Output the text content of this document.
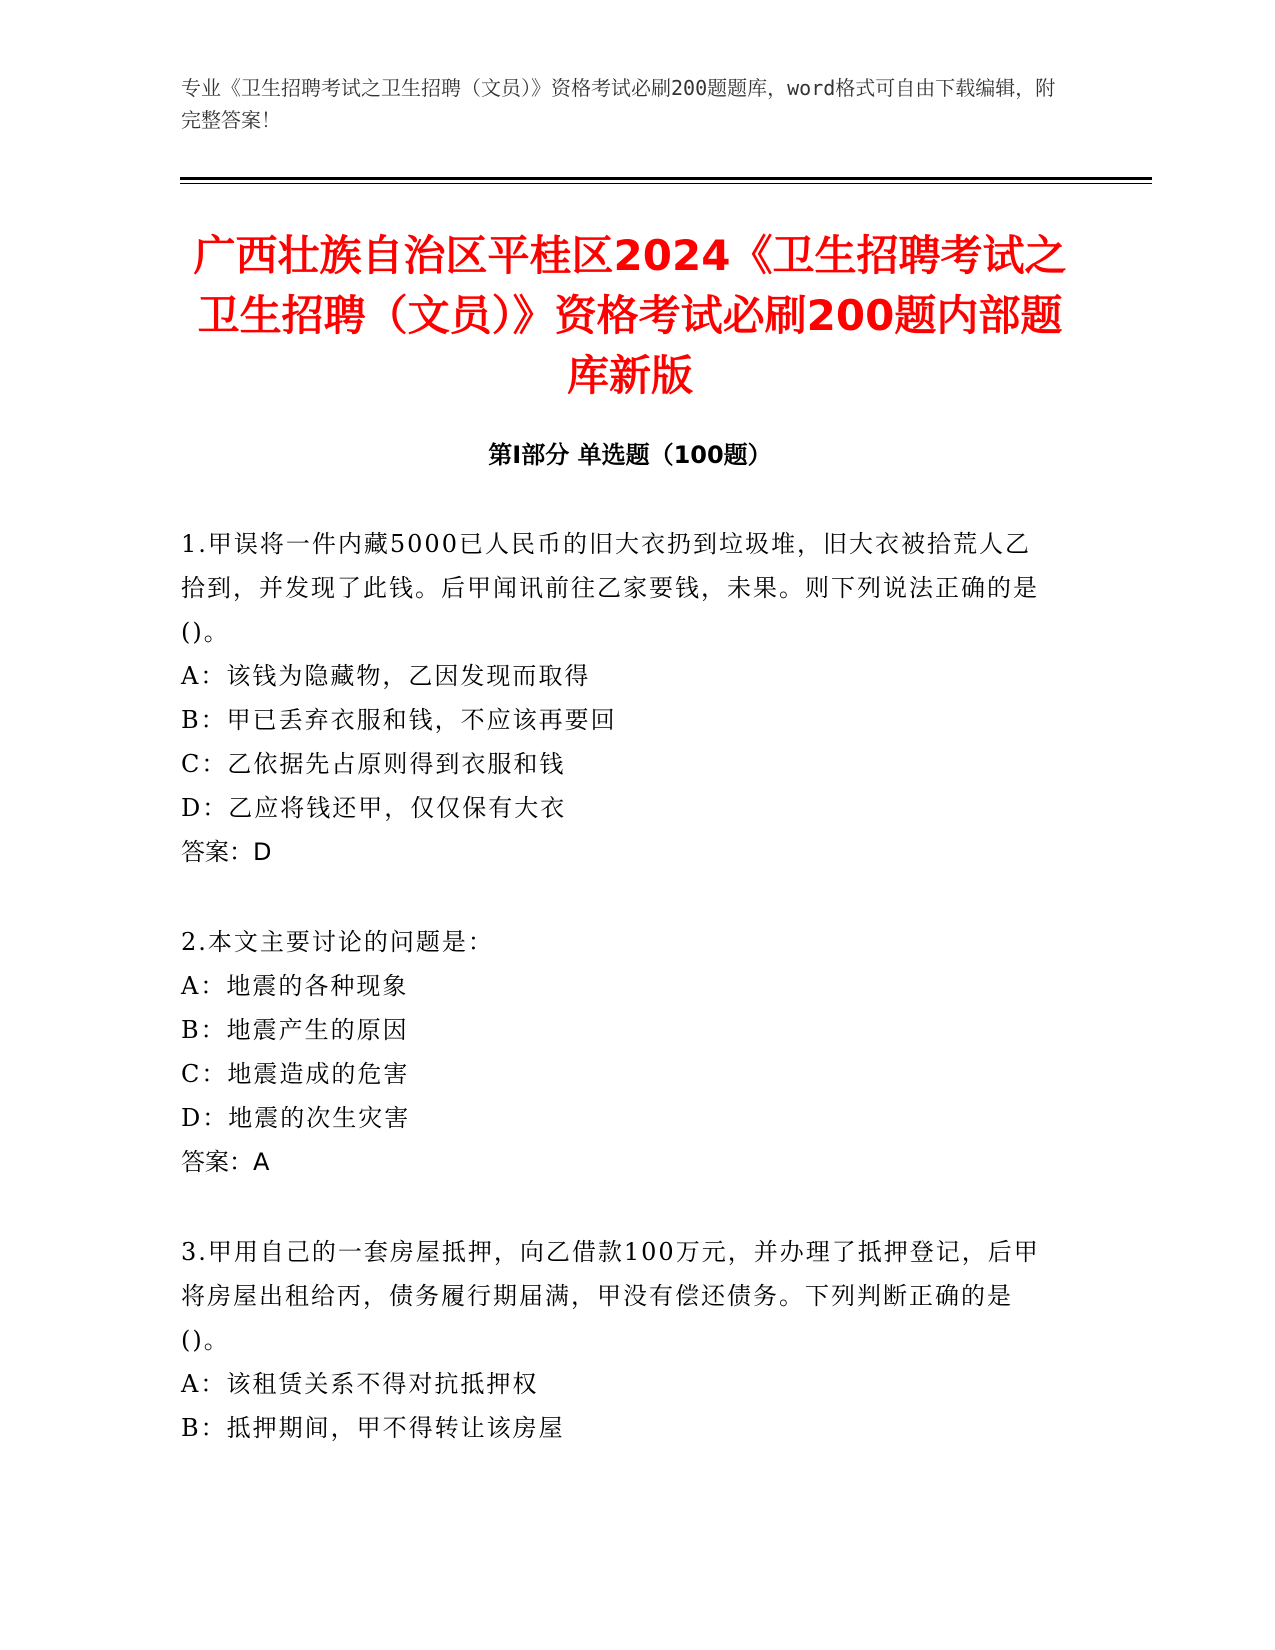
专业《卫生招聘考试之卫生招聘（文员）》资格考试必刷200题题库，word格式可自由下载编辑，附完整答案！
广西壮族自治区平桂区2024《卫生招聘考试之卫生招聘（文员）》资格考试必刷200题内部题库新版
第I部分 单选题（100题）
1.甲误将一件内藏5000已人民币的旧大衣扔到垃圾堆，旧大衣被拾荒人乙拾到，并发现了此钱。后甲闻讯前往乙家要钱，未果。则下列说法正确的是()。
A：该钱为隐藏物，乙因发现而取得
B：甲已丢弃衣服和钱，不应该再要回
C：乙依据先占原则得到衣服和钱
D：乙应将钱还甲，仅仅保有大衣
答案：D
2.本文主要讨论的问题是：
A：地震的各种现象
B：地震产生的原因
C：地震造成的危害
D：地震的次生灾害
答案：A
3.甲用自己的一套房屋抵押，向乙借款100万元，并办理了抵押登记，后甲将房屋出租给丙，债务履行期届满，甲没有偿还债务。下列判断正确的是()。
A：该租赁关系不得对抗抵押权
B：抵押期间，甲不得转让该房屋
